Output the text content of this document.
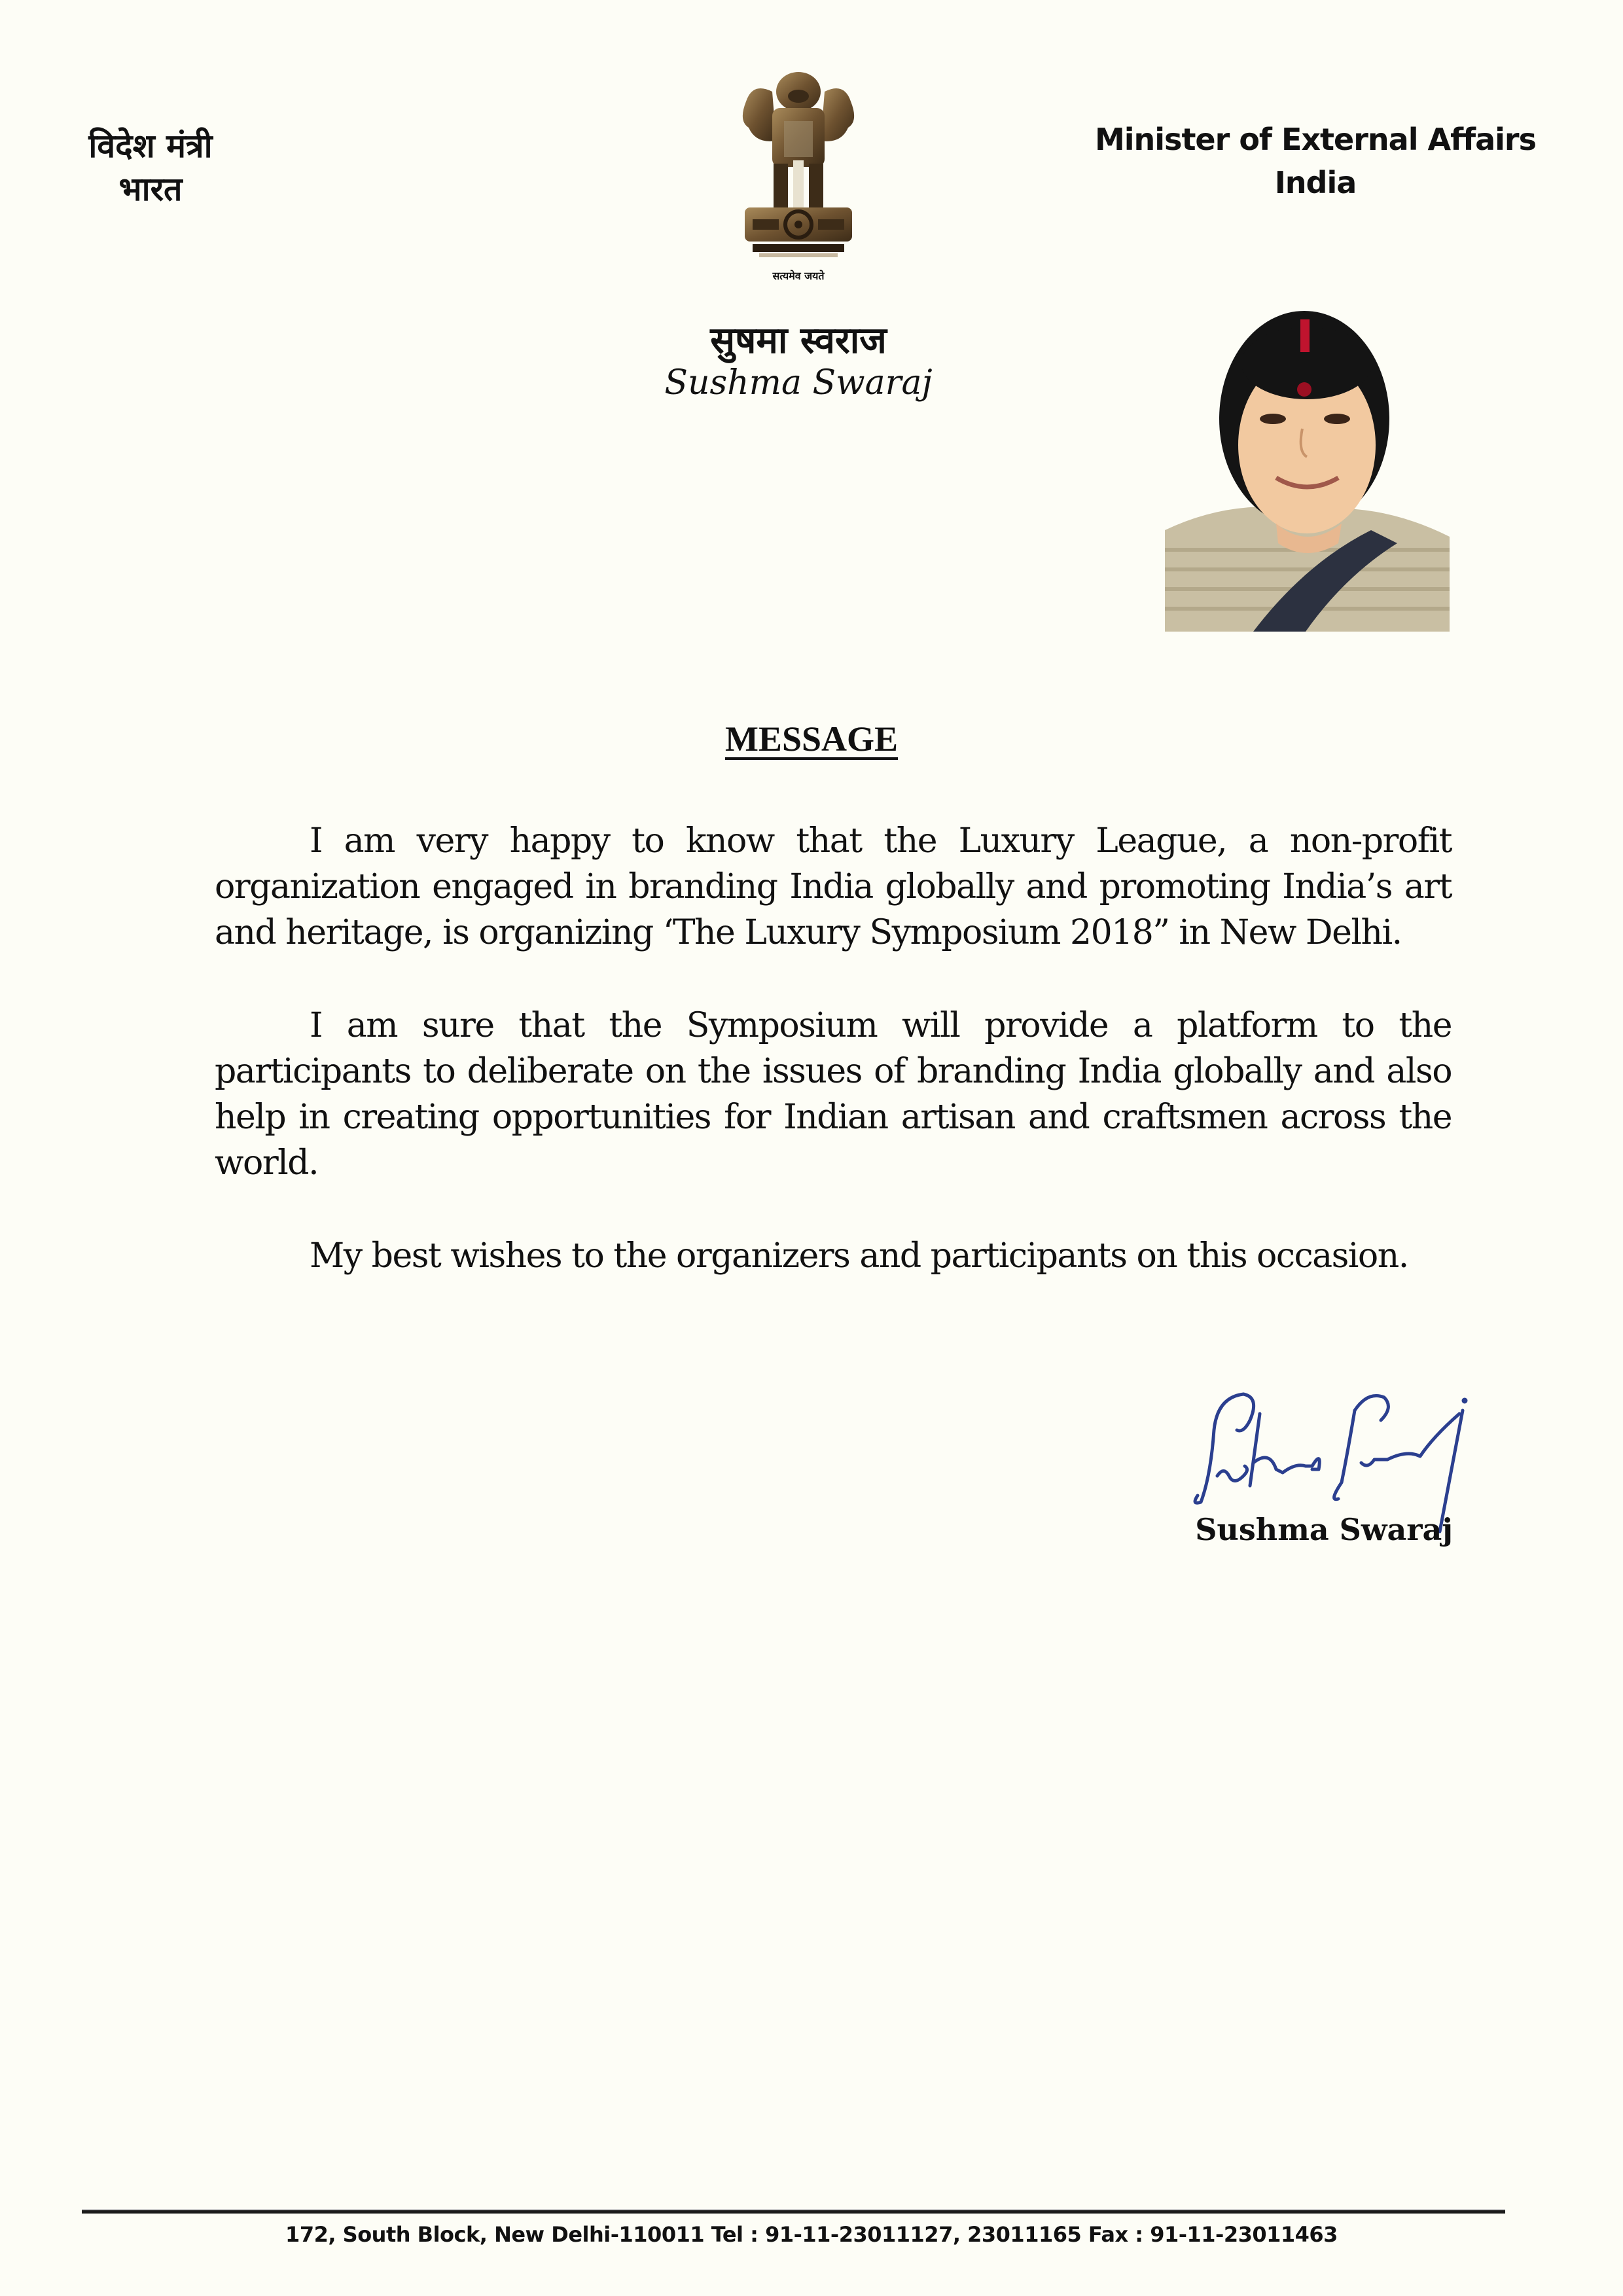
विदेश मंत्री
भारत
सत्यमेव जयते
सुषमा स्वराज
Sushma Swaraj
Minister of External Affairs
India
MESSAGE

I am very happy to know that the Luxury League, a non-profit organization engaged in branding India globally and promoting India’s art and heritage, is organizing ‘The Luxury Symposium 2018” in New Delhi.

I am sure that the Symposium will provide a platform to the participants to deliberate on the issues of branding India globally and also help in creating opportunities for Indian artisan and craftsmen across the world.

My best wishes to the organizers and participants on this occasion.

Sushma Swaraj
172, South Block, New Delhi-110011 Tel : 91-11-23011127, 23011165 Fax : 91-11-23011463
